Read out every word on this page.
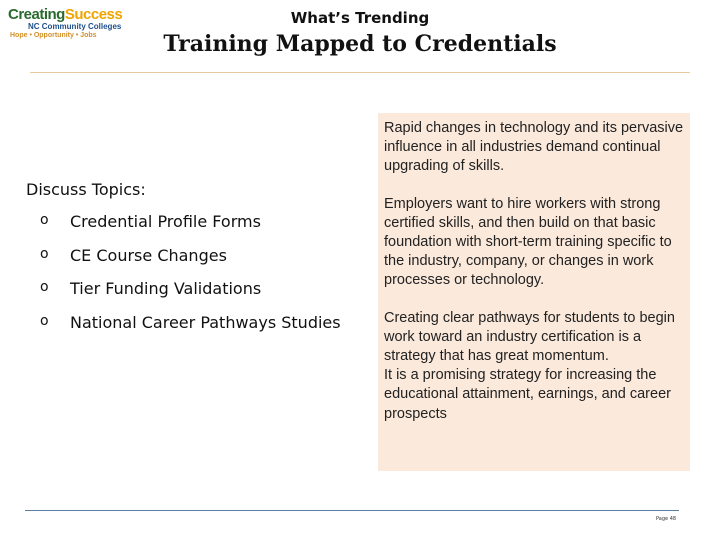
CreatingSuccess
NC Community Colleges
Hope • Opportunity • Jobs
What’s Trending
Training Mapped to Credentials
Discuss Topics:
o Credential Profile Forms
o CE Course Changes
o Tier Funding Validations
o National Career Pathways Studies

Rapid changes in technology and its pervasive influence in all industries demand continual upgrading of skills.

Employers want to hire workers with strong certified skills, and then build on that basic foundation with short-term training specific to the industry, company, or changes in work processes or technology.

Creating clear pathways for students to begin work toward an industry certification is a strategy that has great momentum.

It is a promising strategy for increasing the educational attainment, earnings, and career prospects

Page 48
